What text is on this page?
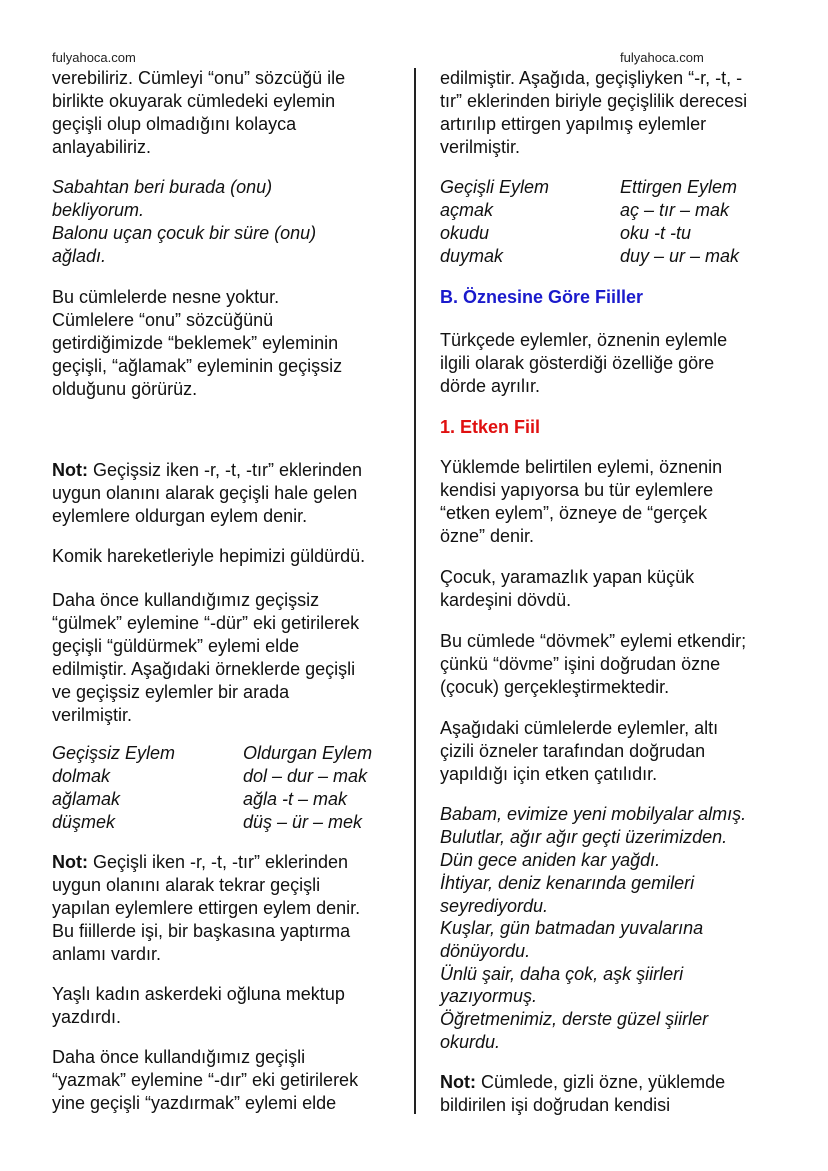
fulyahoca.com	fulyahoca.com
verebiliriz. Cümleyi “onu” sözcüğü ile
birlikte okuyarak cümledeki eylemin
geçişli olup olmadığını kolayca
anlayabiliriz.
Sabahtan beri burada (onu)
bekliyorum.
Balonu uçan çocuk bir süre (onu)
ağladı.
Bu cümlelerde nesne yoktur.
Cümlelere “onu” sözcüğünü
getirdiğimizde “beklemek” eyleminin
geçişli, “ağlamak” eyleminin geçişsiz
olduğunu görürüz.
Not: Geçişsiz iken -r, -t, -tır” eklerinden
uygun olanını alarak geçişli hale gelen
eylemlere oldurgan eylem denir.
Komik hareketleriyle hepimizi güldürdü.
Daha önce kullandığımız geçişsiz
“gülmek” eylemine “-dür” eki getirilerek
geçişli “güldürmek” eylemi elde
edilmiştir. Aşağıdaki örneklerde geçişli
ve geçişsiz eylemler bir arada
verilmiştir.
Geçişsiz Eylem	Oldurgan Eylem
dolmak	dol – dur – mak
ağlamak	ağla -t – mak
düşmek	düş – ür – mek
Not: Geçişli iken -r, -t, -tır” eklerinden
uygun olanını alarak tekrar geçişli
yapılan eylemlere ettirgen eylem denir.
Bu fiillerde işi, bir başkasına yaptırma
anlamı vardır.
Yaşlı kadın askerdeki oğluna mektup
yazdırdı.
Daha önce kullandığımız geçişli
“yazmak” eylemine “-dır” eki getirilerek
yine geçişli “yazdırmak” eylemi elde
edilmiştir. Aşağıda, geçişliyken “-r, -t, -
tır” eklerinden biriyle geçişlilik derecesi
artırılıp ettirgen yapılmış eylemler
verilmiştir.
Geçişli Eylem	Ettirgen Eylem
açmak	aç – tır – mak
okudu	oku -t -tu
duymak	duy – ur – mak
B. Öznesine Göre Fiiller
Türkçede eylemler, öznenin eylemle
ilgili olarak gösterdiği özelliğe göre
dörde ayrılır.
1. Etken Fiil
Yüklemde belirtilen eylemi, öznenin
kendisi yapıyorsa bu tür eylemlere
“etken eylem”, özneye de “gerçek
özne” denir.
Çocuk, yaramazlık yapan küçük
kardeşini dövdü.
Bu cümlede “dövmek” eylemi etkendir;
çünkü “dövme” işini doğrudan özne
(çocuk) gerçekleştirmektedir.
Aşağıdaki cümlelerde eylemler, altı
çizili özneler tarafından doğrudan
yapıldığı için etken çatılıdır.
Babam, evimize yeni mobilyalar almış.
Bulutlar, ağır ağır geçti üzerimizden.
Dün gece aniden kar yağdı.
İhtiyar, deniz kenarında gemileri
seyrediyordu.
Kuşlar, gün batmadan yuvalarına
dönüyordu.
Ünlü şair, daha çok, aşk şiirleri
yazıyormuş.
Öğretmenimiz, derste güzel şiirler
okurdu.
Not: Cümlede, gizli özne, yüklemde
bildirilen işi doğrudan kendisi
